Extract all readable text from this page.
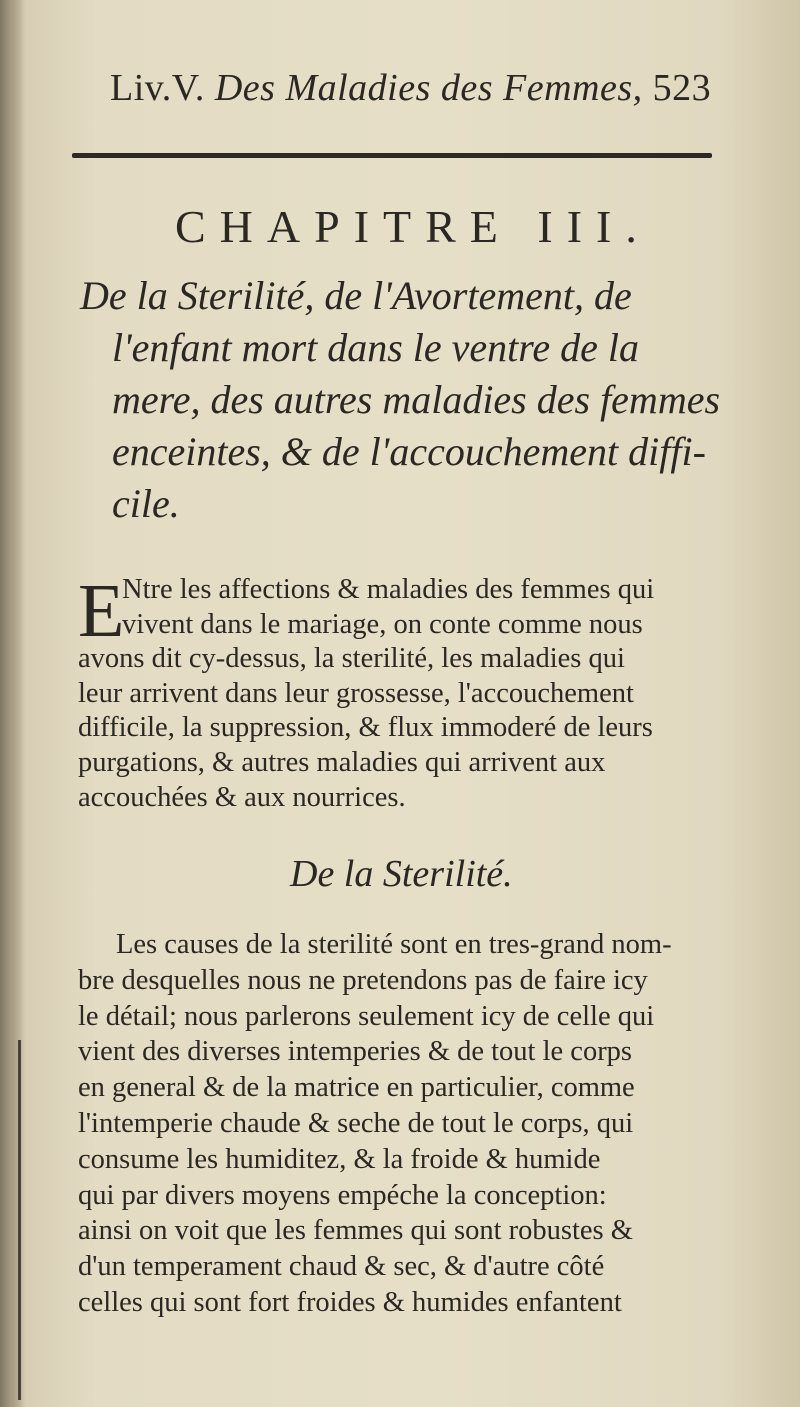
Liv.V. Des Maladies des Femmes, 523
CHAPITRE III.
De la Sterilité, de l'Avortement, de
l'enfant mort dans le ventre de la
mere, des autres maladies des femmes
enceintes, & de l'accouchement diffi-
cile.
E
Ntre les affections & maladies des femmes qui
vivent dans le mariage, on conte comme nous
avons dit cy-dessus, la sterilité, les maladies qui
leur arrivent dans leur grossesse, l'accouchement
difficile, la suppression, & flux immoderé de leurs
purgations, & autres maladies qui arrivent aux
accouchées & aux nourrices.
De la Sterilité.
Les causes de la sterilité sont en tres-grand nom-
bre desquelles nous ne pretendons pas de faire icy
le détail; nous parlerons seulement icy de celle qui
vient des diverses intemperies & de tout le corps
en general & de la matrice en particulier, comme
l'intemperie chaude & seche de tout le corps, qui
consume les humiditez, & la froide & humide
qui par divers moyens empéche la conception:
ainsi on voit que les femmes qui sont robustes &
d'un temperament chaud & sec, & d'autre côté
celles qui sont fort froides & humides enfantent
